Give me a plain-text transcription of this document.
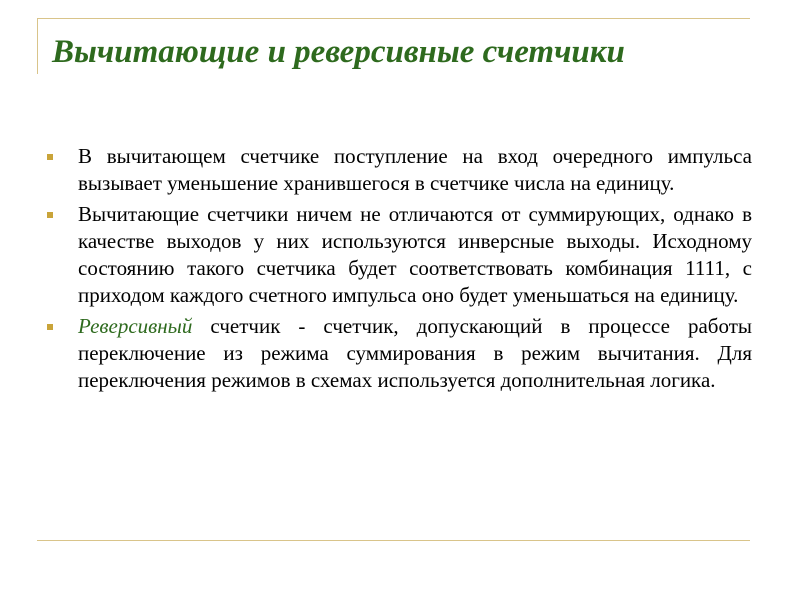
Вычитающие и реверсивные счетчики
В вычитающем счетчике поступление на вход очередного импульса вызывает уменьшение хранившегося в счетчике числа на единицу.
Вычитающие счетчики ничем не отличаются от суммирующих, однако в качестве выходов у них используются инверсные выходы. Исходному состоянию такого счетчика будет соответствовать комбинация 1111, с приходом каждого счетного импульса оно будет уменьшаться на единицу.
Реверсивный счетчик - счетчик, допускающий в процессе работы переключение из режима суммирования в режим вычитания. Для переключения режимов в схемах используется дополнительная логика.
